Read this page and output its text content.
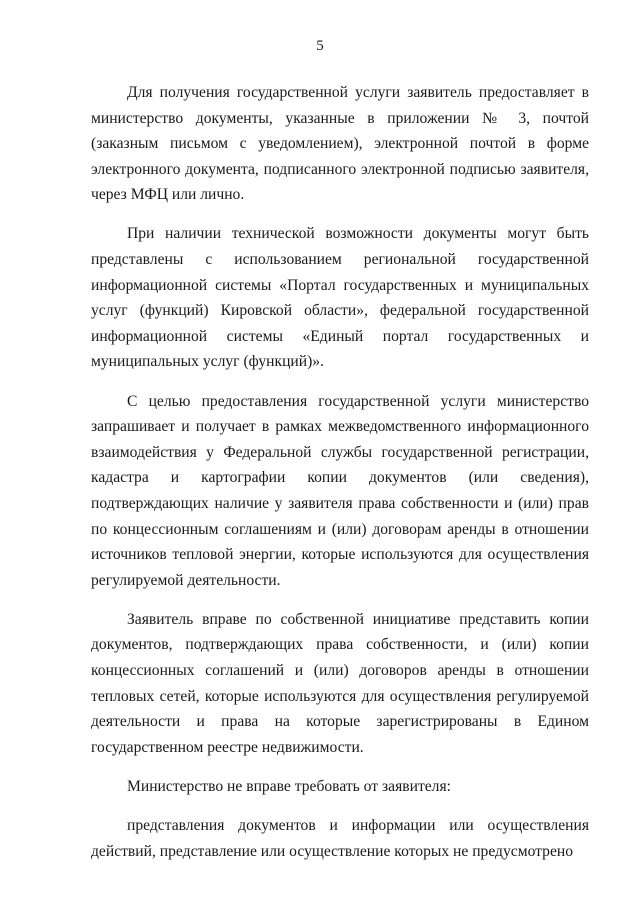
5

Для получения государственной услуги заявитель предоставляет в министерство документы, указанные в приложении № 3, почтой (заказным письмом с уведомлением), электронной почтой в форме электронного документа, подписанного электронной подписью заявителя, через МФЦ или лично.

При наличии технической возможности документы могут быть представлены с использованием региональной государственной информационной системы «Портал государственных и муниципальных услуг (функций) Кировской области», федеральной государственной информационной системы «Единый портал государственных и муниципальных услуг (функций)».

С целью предоставления государственной услуги министерство запрашивает и получает в рамках межведомственного информационного взаимодействия у Федеральной службы государственной регистрации, кадастра и картографии копии документов (или сведения), подтверждающих наличие у заявителя права собственности и (или) прав по концессионным соглашениям и (или) договорам аренды в отношении источников тепловой энергии, которые используются для осуществления регулируемой деятельности.

Заявитель вправе по собственной инициативе представить копии документов, подтверждающих права собственности, и (или) копии концессионных соглашений и (или) договоров аренды в отношении тепловых сетей, которые используются для осуществления регулируемой деятельности и права на которые зарегистрированы в Едином государственном реестре недвижимости.

Министерство не вправе требовать от заявителя:

представления документов и информации или осуществления действий, представление или осуществление которых не предусмотрено
